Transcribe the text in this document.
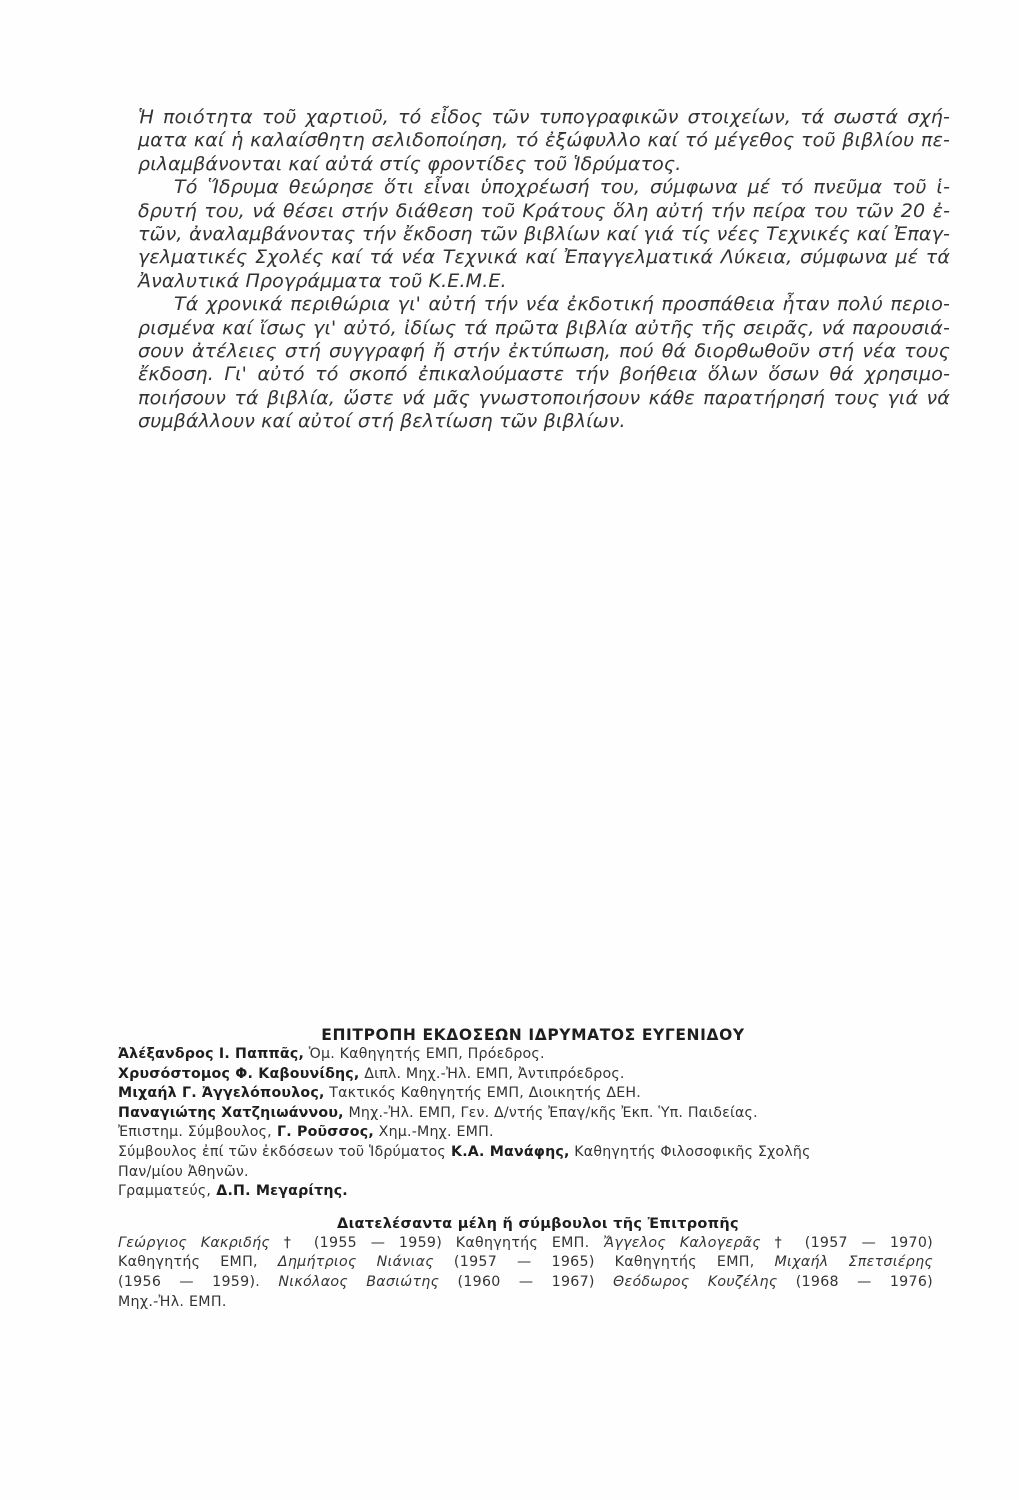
Ἡ ποιότητα τοῦ χαρτιοῦ, τό εἶδος τῶν τυπογραφικῶν στοιχείων, τά σωστά σχή-
ματα καί ἡ καλαίσθητη σελιδοποίηση, τό ἐξώφυλλο καί τό μέγεθος τοῦ βιβλίου πε-
ριλαμβάνονται καί αὐτά στίς φροντίδες τοῦ Ἱδρύματος.
Τό Ἵδρυμα θεώρησε ὅτι εἶναι ὑποχρέωσή του, σύμφωνα μέ τό πνεῦμα τοῦ ἱ-
δρυτή του, νά θέσει στήν διάθεση τοῦ Κράτους ὅλη αὐτή τήν πείρα του τῶν 20 ἐ-
τῶν, ἀναλαμβάνοντας τήν ἔκδοση τῶν βιβλίων καί γιά τίς νέες Τεχνικές καί Ἐπαγ-
γελματικές Σχολές καί τά νέα Τεχνικά καί Ἐπαγγελματικά Λύκεια, σύμφωνα μέ τά
Ἀναλυτικά Προγράμματα τοῦ Κ.Ε.Μ.Ε.
Τά χρονικά περιθώρια γι' αὐτή τήν νέα ἐκδοτική προσπάθεια ἦταν πολύ περιο-
ρισμένα καί ἴσως γι' αὐτό, ἰδίως τά πρῶτα βιβλία αὐτῆς τῆς σειρᾶς, νά παρουσιά-
σουν ἀτέλειες στή συγγραφή ἤ στήν ἐκτύπωση, πού θά διορθωθοῦν στή νέα τους
ἔκδοση. Γι' αὐτό τό σκοπό ἐπικαλούμαστε τήν βοήθεια ὅλων ὅσων θά χρησιμο-
ποιήσουν τά βιβλία, ὥστε νά μᾶς γνωστοποιήσουν κάθε παρατήρησή τους γιά νά
συμβάλλουν καί αὐτοί στή βελτίωση τῶν βιβλίων.
ΕΠΙΤΡΟΠΗ ΕΚΔΟΣΕΩΝ ΙΔΡΥΜΑΤΟΣ ΕΥΓΕΝΙΔΟΥ
Ἀλέξανδρος Ι. Παππᾶς, Ὁμ. Καθηγητής ΕΜΠ, Πρόεδρος.
Χρυσόστομος Φ. Καβουνίδης, Διπλ. Μηχ.-Ἠλ. ΕΜΠ, Ἀντιπρόεδρος.
Μιχαήλ Γ. Ἀγγελόπουλος, Τακτικός Καθηγητής ΕΜΠ, Διοικητής ΔΕΗ.
Παναγιώτης Χατζηιωάννου, Μηχ.-Ἠλ. ΕΜΠ, Γεν. Δ/ντής Ἐπαγ/κῆς Ἐκπ. Ὑπ. Παιδείας.
Ἐπιστημ. Σύμβουλος, Γ. Ροῦσσος, Χημ.-Μηχ. ΕΜΠ.
Σύμβουλος ἐπί τῶν ἐκδόσεων τοῦ Ἱδρύματος Κ.Α. Μανάφης, Καθηγητής Φιλοσοφικῆς Σχολῆς
Παν/μίου Ἀθηνῶν.
Γραμματεύς, Δ.Π. Μεγαρίτης.
Διατελέσαντα μέλη ἤ σύμβουλοι τῆς Ἐπιτροπῆς
Γεώργιος Κακριδής † (1955 — 1959) Καθηγητής ΕΜΠ. Ἄγγελος Καλογερᾶς † (1957 — 1970)
Καθηγητής ΕΜΠ, Δημήτριος Νιάνιας (1957 — 1965) Καθηγητής ΕΜΠ, Μιχαήλ Σπετσιέρης
(1956 — 1959). Νικόλαος Βασιώτης (1960 — 1967) Θεόδωρος Κουζέλης (1968 — 1976)
Μηχ.-Ἠλ. ΕΜΠ.
